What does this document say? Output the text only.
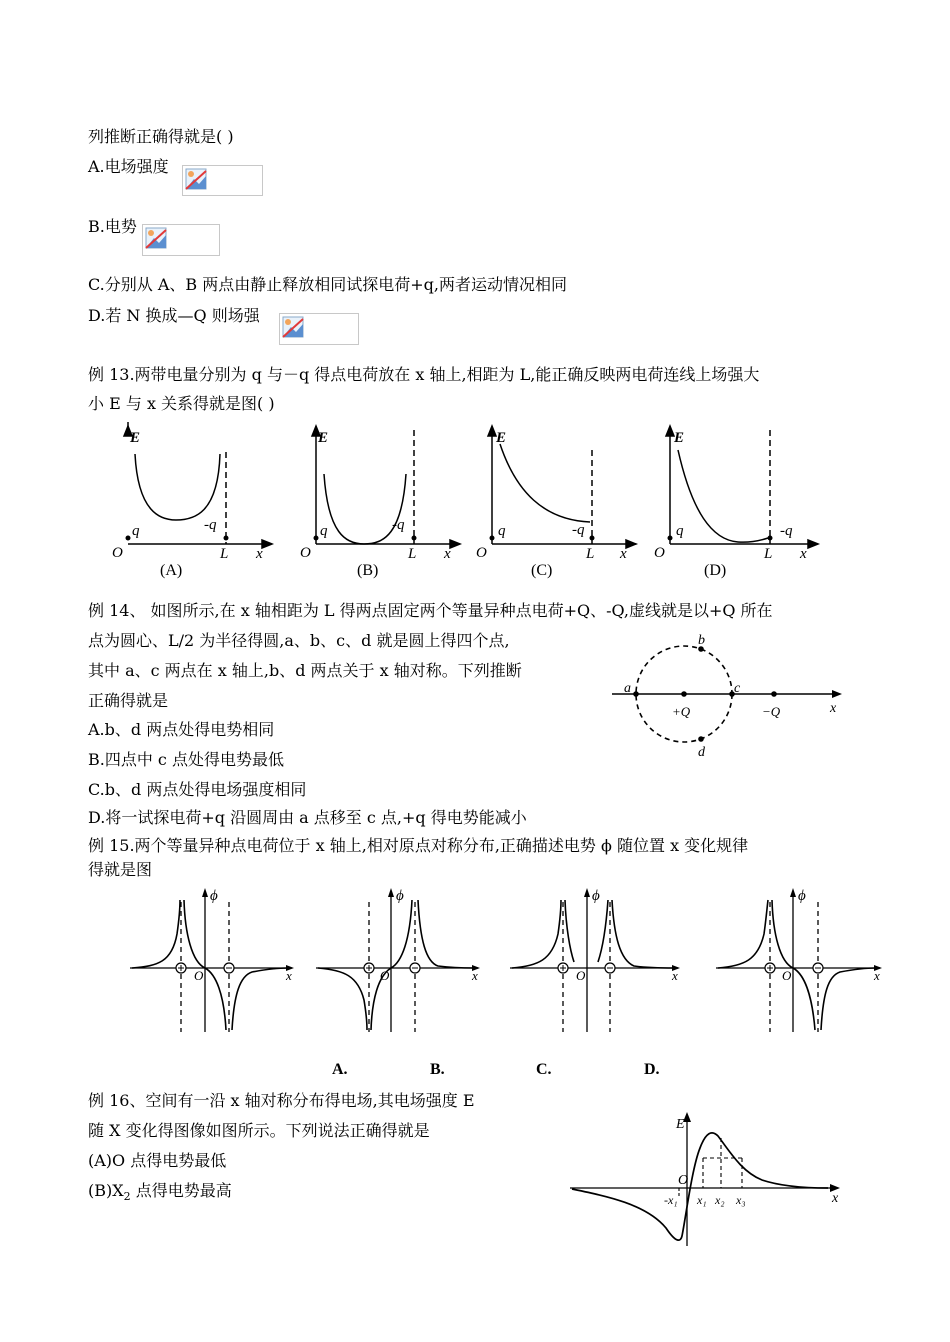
列推断正确得就是( )
A.电场强度
B.电势
C.分别从 A、B 两点由静止释放相同试探电荷+q,两者运动情况相同
D.若 N 换成—Q 则场强
例 13.两带电量分别为 q 与－q 得点电荷放在 x 轴上,相距为 L,能正确反映两电荷连线上场强大
小 E 与 x 关系得就是图( )
E
O
q	-q
L x
(A)
E
O
q	-q
L x
(B)
E
O
q	-q
L x
(C)
E
O
q	-q
L x
(D)
例 14、 如图所示,在 x 轴相距为 L 得两点固定两个等量异种点电荷+Q、-Q,虚线就是以+Q 所在
点为圆心、L/2 为半径得圆,a、b、c、d 就是圆上得四个点,
其中 a、c 两点在 x 轴上,b、d 两点关于 x 轴对称。下列推断
正确得就是
A.b、d 两点处得电势相同
B.四点中 c 点处得电势最低
C.b、d 两点处得电场强度相同
D.将一试探电荷+q 沿圆周由 a 点移至 c 点,+q 得电势能减小
a
b
c
d
+Q	−Q	x
例 15.两个等量异种点电荷位于 x 轴上,相对原点对称分布,正确描述电势 ϕ 随位置 x 变化规律
得就是图
ϕ
O	x
ϕ
O	x
ϕ
O	x
ϕ
O	x
A.	B.	C.	D.
例 16、空间有一沿 x 轴对称分布得电场,其电场强度 E
随 X 变化得图像如图所示。下列说法正确得就是
(A)O 点得电势最低
$(B)X_2$ 点得电势最高
E
O
-x₁ x₁ x₂ x₃	x
